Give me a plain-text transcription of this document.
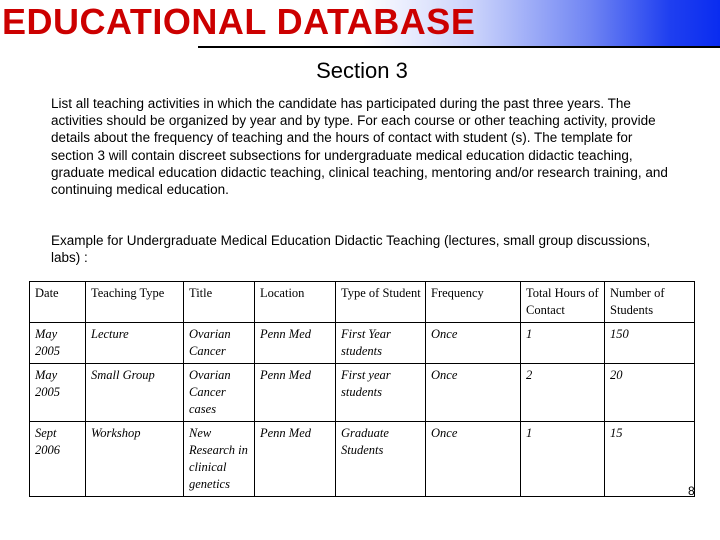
EDUCATIONAL DATABASE
Section 3

List all teaching activities in which the candidate has participated during the past three years. The activities should be organized by year and by type. For each course or other teaching activity, provide details about the frequency of teaching and the hours of contact with student (s). The template for section 3 will contain discreet subsections for undergraduate medical education didactic teaching, graduate medical education didactic teaching, clinical teaching, mentoring and/or research training, and continuing medical education.

Example for Undergraduate Medical Education Didactic Teaching (lectures, small group discussions, labs) :

Date	Teaching Type	Title	Location	Type of Student	Frequency	Total Hours of Contact	Number of Students
May 2005	Lecture	Ovarian Cancer	Penn Med	First Year students	Once	1	150
May 2005	Small Group	Ovarian Cancer cases	Penn Med	First year students	Once	2	20
Sept 2006	Workshop	New Research in clinical genetics	Penn Med	Graduate Students	Once	1	15
8
